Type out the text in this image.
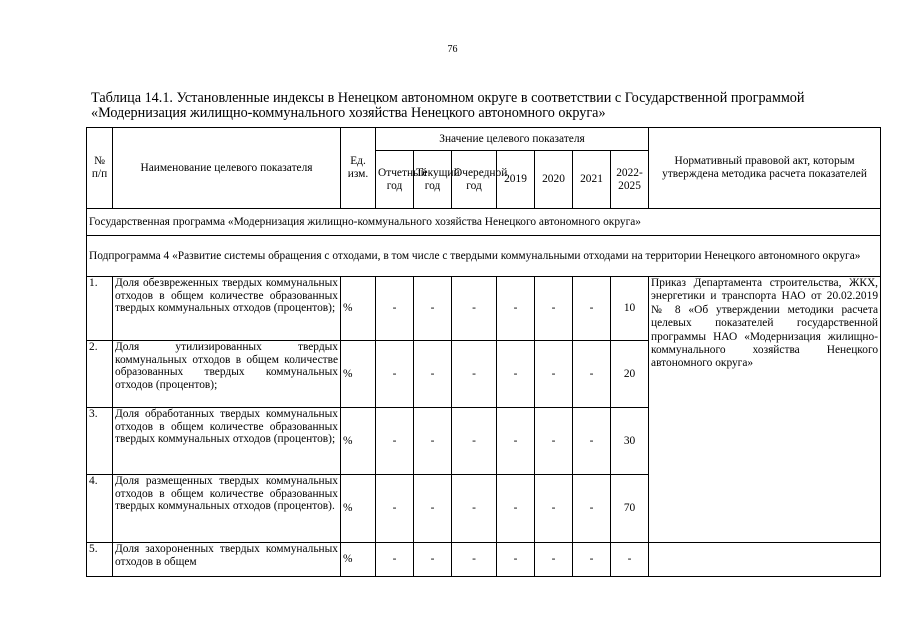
76
Таблица 14.1. Установленные индексы в Ненецком автономном округе в соответствии с Государственной программой
«Модернизация жилищно-коммунального хозяйства Ненецкого автономного округа»
№ п/п	Наименование целевого показателя	Ед. изм.	Значение целевого показателя							Нормативный правовой акт, которым утверждена методика расчета показателей
			Отчетный год	Текущий год	Очередной год	2019	2020	2021	2022-2025	
Государственная программа «Модернизация жилищно-коммунального хозяйства Ненецкого автономного округа»										
Подпрограмма 4 «Развитие системы обращения с отходами, в том числе с твердыми коммунальными отходами на территории Ненецкого автономного округа»										
1.	Доля обезвреженных твердых коммунальных отходов в общем количестве образованных твердых коммунальных отходов (процентов);	%	-	-	-	-	-	-	10	Приказ Департамента строительства, ЖКХ, энергетики и транспорта НАО от 20.02.2019 № 8 «Об утверждении методики расчета целевых показателей государственной программы НАО «Модернизация жилищно-коммунального хозяйства Ненецкого автономного округа»
2.	Доля утилизированных твердых коммунальных отходов в общем количестве образованных твердых коммунальных отходов (процентов);	%	-	-	-	-	-	-	20	
3.	Доля обработанных твердых коммунальных отходов в общем количестве образованных твердых коммунальных отходов (процентов);	%	-	-	-	-	-	-	30	
4.	Доля размещенных твердых коммунальных отходов в общем количестве образованных твердых коммунальных отходов (процентов).	%	-	-	-	-	-	-	70	
5.	Доля захороненных твердых коммунальных отходов в общем	%	-	-	-	-	-	-	-	
